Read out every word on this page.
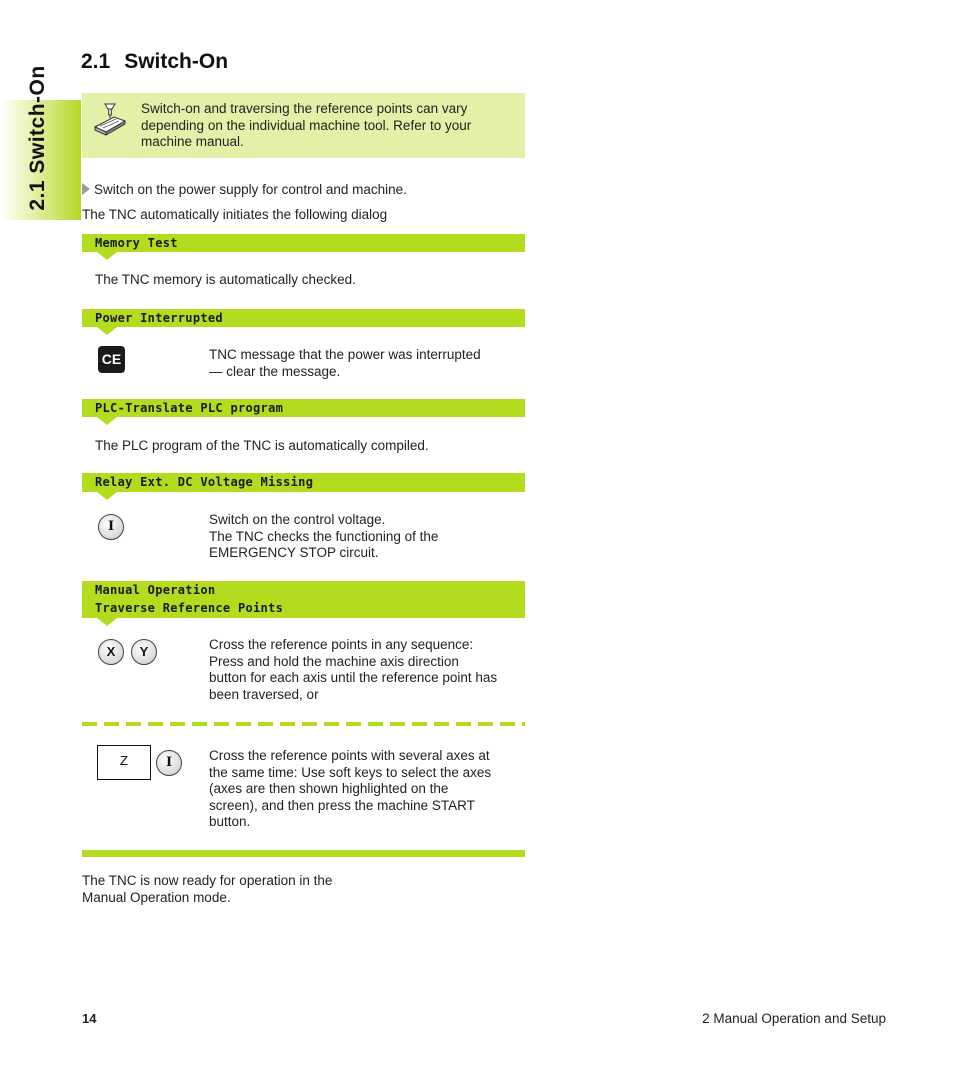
2.1 Switch-On
2.1 Switch-On
Switch-on and traversing the reference points can vary
depending on the individual machine tool. Refer to your
machine manual.
Switch on the power supply for control and machine.
The TNC automatically initiates the following dialog
Memory Test
The TNC memory is automatically checked.
Power Interrupted
CE	TNC message that the power was interrupted
— clear the message.
PLC-Translate PLC program
The PLC program of the TNC is automatically compiled.
Relay Ext. DC Voltage Missing
I	Switch on the control voltage.
The TNC checks the functioning of the
EMERGENCY STOP circuit.
Manual Operation
Traverse Reference Points
X	Y	Cross the reference points in any sequence:
Press and hold the machine axis direction
button for each axis until the reference point has
been traversed, or
Z	I	Cross the reference points with several axes at
the same time: Use soft keys to select the axes
(axes are then shown highlighted on the
screen), and then press the machine START
button.
The TNC is now ready for operation in the
Manual Operation mode.
14	2 Manual Operation and Setup
